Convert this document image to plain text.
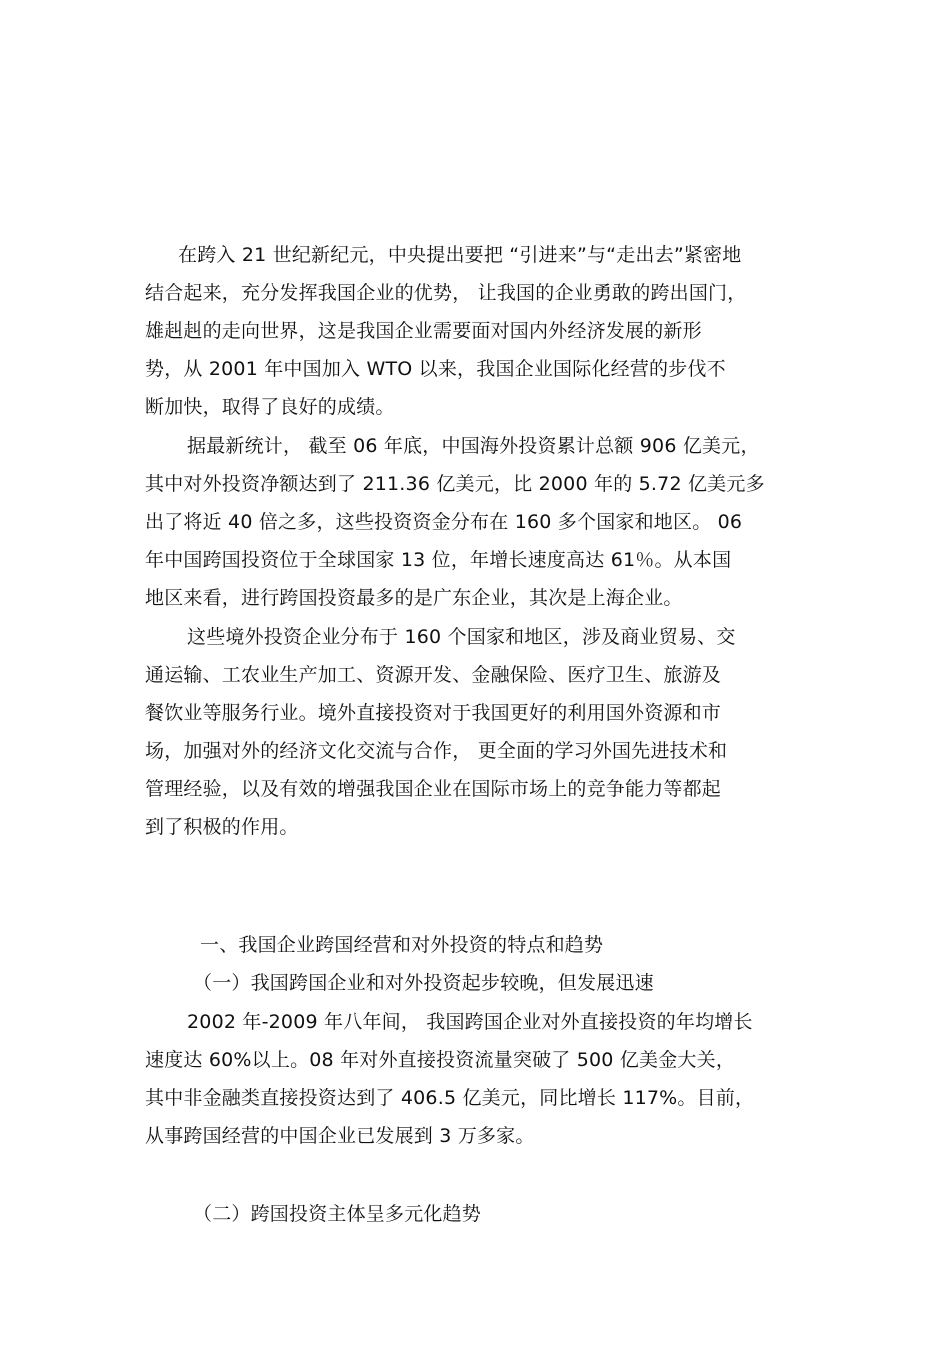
在跨入 21 世纪新纪元，中央提出要把 “引进来”与“走出去”紧密地
结合起来，充分发挥我国企业的优势， 让我国的企业勇敢的跨出国门，
雄赳赳的走向世界，这是我国企业需要面对国内外经济发展的新形
势，从 2001 年中国加入 WTO 以来，我国企业国际化经营的步伐不
断加快，取得了良好的成绩。
据最新统计， 截至 06 年底，中国海外投资累计总额 906 亿美元，
其中对外投资净额达到了 211.36 亿美元，比 2000 年的 5.72 亿美元多
出了将近 40 倍之多，这些投资资金分布在 160 多个国家和地区。 06
年中国跨国投资位于全球国家 13 位，年增长速度高达 61％。从本国
地区来看，进行跨国投资最多的是广东企业，其次是上海企业。
这些境外投资企业分布于 160 个国家和地区，涉及商业贸易、交
通运输、工农业生产加工、资源开发、金融保险、医疗卫生、旅游及
餐饮业等服务行业。境外直接投资对于我国更好的利用国外资源和市
场，加强对外的经济文化交流与合作， 更全面的学习外国先进技术和
管理经验，以及有效的增强我国企业在国际市场上的竞争能力等都起
到了积极的作用。
一、我国企业跨国经营和对外投资的特点和趋势
（一）我国跨国企业和对外投资起步较晚，但发展迅速
2002 年-2009 年八年间， 我国跨国企业对外直接投资的年均增长
速度达 60%以上。08 年对外直接投资流量突破了 500 亿美金大关，
其中非金融类直接投资达到了 406.5 亿美元，同比增长 117%。目前，
从事跨国经营的中国企业已发展到 3 万多家。
（二）跨国投资主体呈多元化趋势
